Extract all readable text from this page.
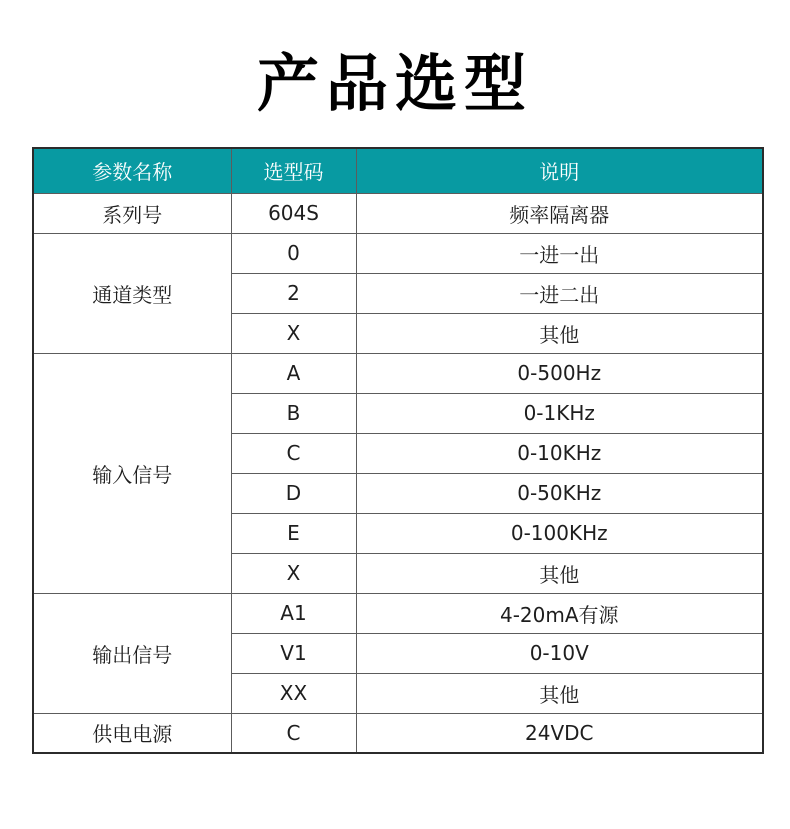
产品选型
参数名称	选型码	说明
系列号	604S	频率隔离器
通道类型	0	一进一出
	2	一进二出
	X	其他
输入信号	A	0-500Hz
	B	0-1KHz
	C	0-10KHz
	D	0-50KHz
	E	0-100KHz
	X	其他
输出信号	A1	4-20mA有源
	V1	0-10V
	XX	其他
供电电源	C	24VDC
